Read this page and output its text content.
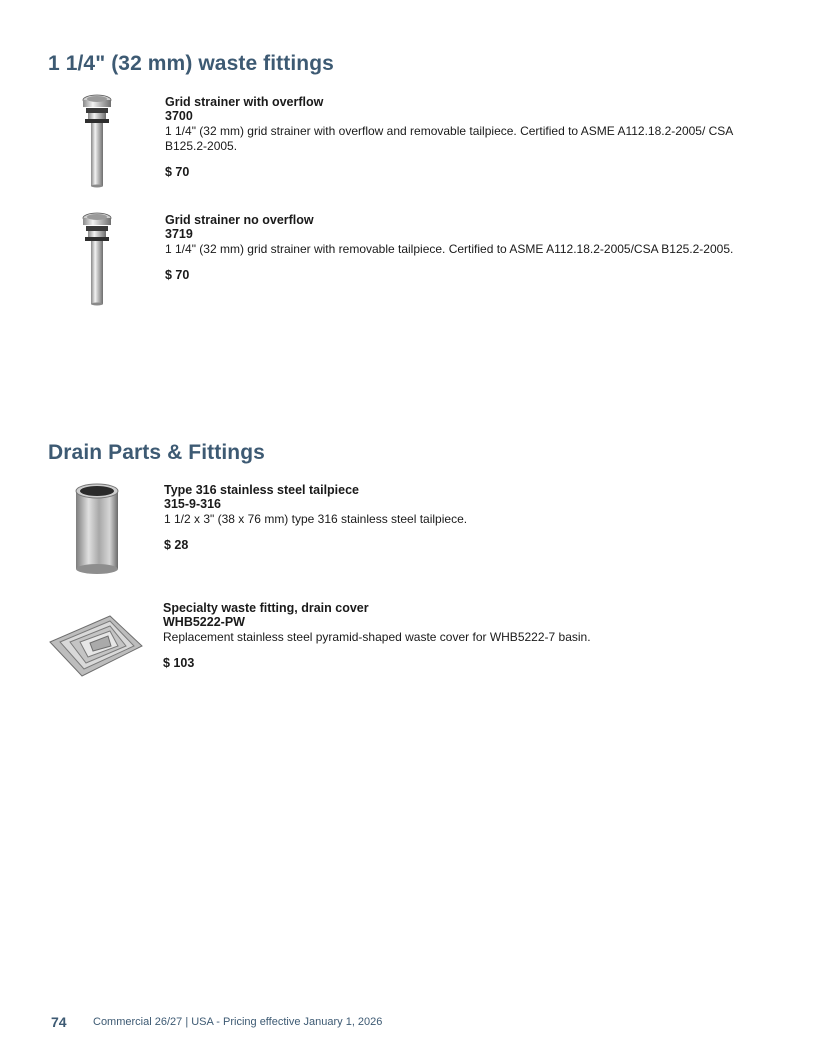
1 1/4" (32 mm) waste fittings
Grid strainer with overflow
3700
1 1/4" (32 mm) grid strainer with overflow and removable tailpiece. Certified to ASME A112.18.2-2005/ CSA B125.2-2005.
$ 70
Grid strainer no overflow
3719
1 1/4" (32 mm) grid strainer with removable tailpiece. Certified to ASME A112.18.2-2005/CSA B125.2-2005.
$ 70
Drain Parts & Fittings
Type 316 stainless steel tailpiece
315-9-316
1 1/2 x 3" (38 x 76 mm) type 316 stainless steel tailpiece.
$ 28
Specialty waste fitting, drain cover
WHB5222-PW
Replacement stainless steel pyramid-shaped waste cover for WHB5222-7 basin.
$ 103
74 Commercial 26/27 | USA - Pricing effective January 1, 2026
